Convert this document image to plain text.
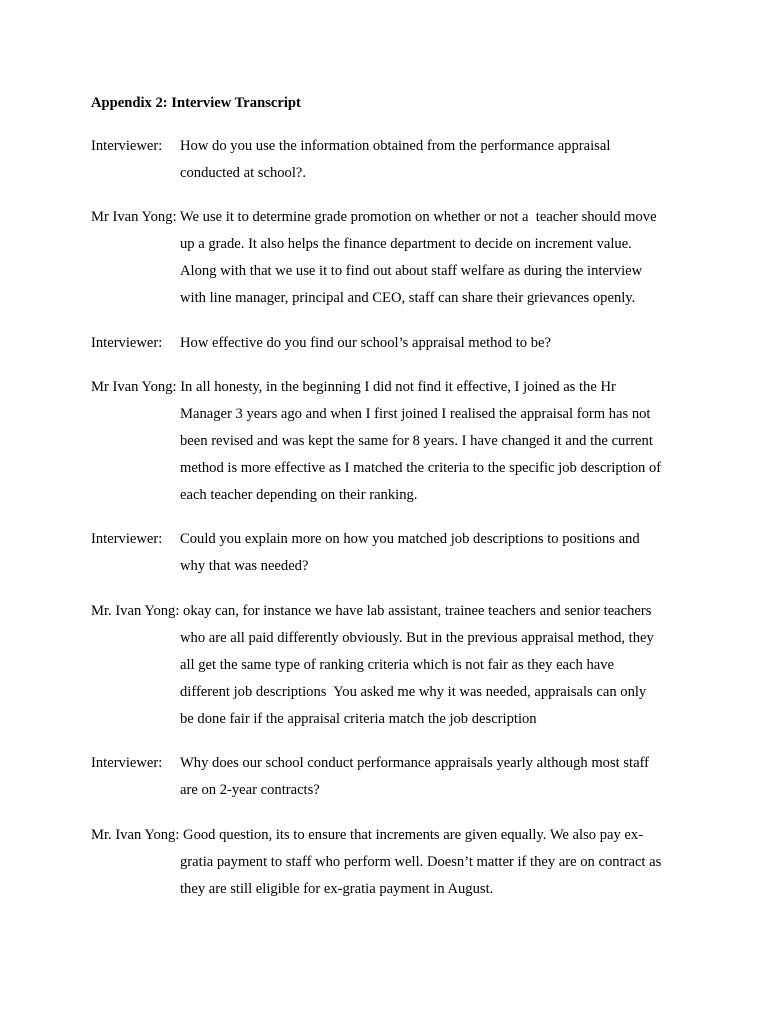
Appendix 2: Interview Transcript
Interviewer: How do you use the information obtained from the performance appraisal
conducted at school?.
Mr Ivan Yong: We use it to determine grade promotion on whether or not a  teacher should move
up a grade. It also helps the finance department to decide on increment value.
Along with that we use it to find out about staff welfare as during the interview
with line manager, principal and CEO, staff can share their grievances openly.
Interviewer: How effective do you find our school’s appraisal method to be?
Mr Ivan Yong: In all honesty, in the beginning I did not find it effective, I joined as the Hr
Manager 3 years ago and when I first joined I realised the appraisal form has not
been revised and was kept the same for 8 years. I have changed it and the current
method is more effective as I matched the criteria to the specific job description of
each teacher depending on their ranking.
Interviewer: Could you explain more on how you matched job descriptions to positions and
why that was needed?
Mr. Ivan Yong: okay can, for instance we have lab assistant, trainee teachers and senior teachers
who are all paid differently obviously. But in the previous appraisal method, they
all get the same type of ranking criteria which is not fair as they each have
different job descriptions  You asked me why it was needed, appraisals can only
be done fair if the appraisal criteria match the job description
Interviewer: Why does our school conduct performance appraisals yearly although most staff
are on 2-year contracts?
Mr. Ivan Yong: Good question, its to ensure that increments are given equally. We also pay ex-
gratia payment to staff who perform well. Doesn’t matter if they are on contract as
they are still eligible for ex-gratia payment in August.
